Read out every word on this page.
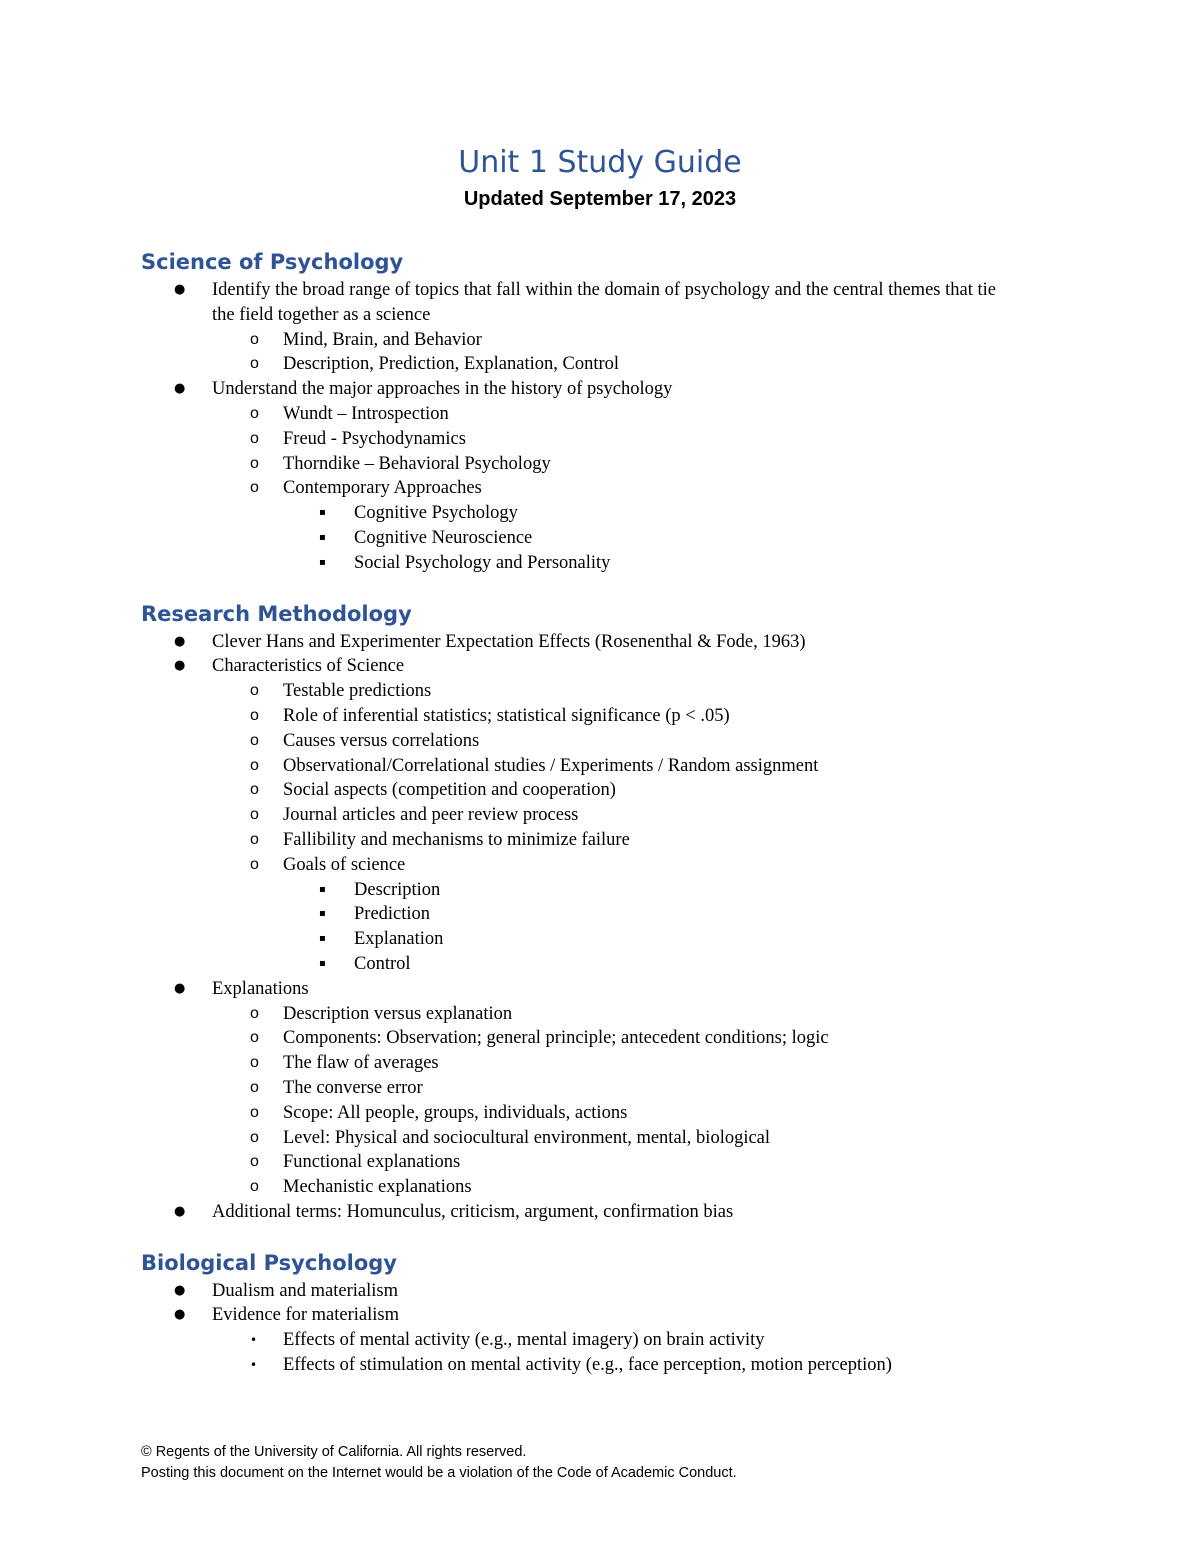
Unit 1 Study Guide
Updated September 17, 2023
Science of Psychology
● Identify the broad range of topics that fall within the domain of psychology and the central themes that tie the field together as a science
o Mind, Brain, and Behavior
o Description, Prediction, Explanation, Control
● Understand the major approaches in the history of psychology
o Wundt – Introspection
o Freud - Psychodynamics
o Thorndike – Behavioral Psychology
o Contemporary Approaches
▪ Cognitive Psychology
▪ Cognitive Neuroscience
▪ Social Psychology and Personality
Research Methodology
● Clever Hans and Experimenter Expectation Effects (Rosenenthal & Fode, 1963)
● Characteristics of Science
o Testable predictions
o Role of inferential statistics; statistical significance (p < .05)
o Causes versus correlations
o Observational/Correlational studies / Experiments / Random assignment
o Social aspects (competition and cooperation)
o Journal articles and peer review process
o Fallibility and mechanisms to minimize failure
o Goals of science
▪ Description
▪ Prediction
▪ Explanation
▪ Control
● Explanations
o Description versus explanation
o Components: Observation; general principle; antecedent conditions; logic
o The flaw of averages
o The converse error
o Scope: All people, groups, individuals, actions
o Level: Physical and sociocultural environment, mental, biological
o Functional explanations
o Mechanistic explanations
● Additional terms: Homunculus, criticism, argument, confirmation bias
Biological Psychology
● Dualism and materialism
● Evidence for materialism
• Effects of mental activity (e.g., mental imagery) on brain activity
• Effects of stimulation on mental activity (e.g., face perception, motion perception)
© Regents of the University of California. All rights reserved.
Posting this document on the Internet would be a violation of the Code of Academic Conduct.
